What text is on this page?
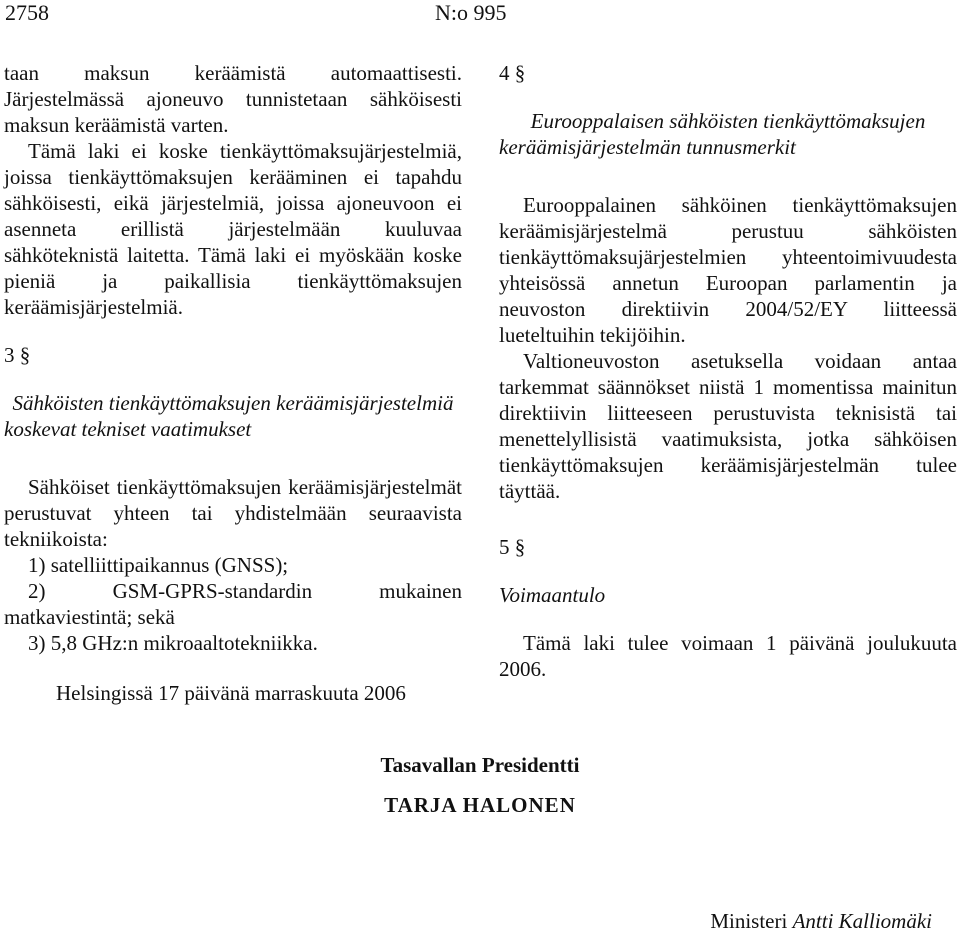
2758	N:o 995

taan maksun keräämistä automaattisesti. Järjestelmässä ajoneuvo tunnistetaan sähköisesti maksun keräämistä varten.

Tämä laki ei koske tienkäyttömaksujärjestelmiä, joissa tienkäyttömaksujen kerääminen ei tapahdu sähköisesti, eikä järjestelmiä, joissa ajoneuvoon ei asenneta erillistä järjestelmään kuuluvaa sähköteknistä laitetta. Tämä laki ei myöskään koske pieniä ja paikallisia tienkäyttömaksujen keräämisjärjestelmiä.

3 §

Sähköisten tienkäyttömaksujen keräämisjärjestelmiä koskevat tekniset vaatimukset

Sähköiset tienkäyttömaksujen keräämisjärjestelmät perustuvat yhteen tai yhdistelmään seuraavista tekniikoista:

1) satelliittipaikannus (GNSS);

2) GSM-GPRS-standardin mukainen matkaviestintä; sekä

3) 5,8 GHz:n mikroaaltotekniikka.

4 §

Eurooppalaisen sähköisten tienkäyttömaksujen keräämisjärjestelmän tunnusmerkit

Eurooppalainen sähköinen tienkäyttömaksujen keräämisjärjestelmä perustuu sähköisten tienkäyttömaksujärjestelmien yhteentoimivuudesta yhteisössä annetun Euroopan parlamentin ja neuvoston direktiivin 2004/52/EY liitteessä lueteltuihin tekijöihin.

Valtioneuvoston asetuksella voidaan antaa tarkemmat säännökset niistä 1 momentissa mainitun direktiivin liitteeseen perustuvista teknisistä tai menettelyllisistä vaatimuksista, jotka sähköisen tienkäyttömaksujen keräämisjärjestelmän tulee täyttää.

5 §

Voimaantulo

Tämä laki tulee voimaan 1 päivänä joulukuuta 2006.

Helsingissä 17 päivänä marraskuuta 2006
Tasavallan Presidentti
TARJA HALONEN
Ministeri Antti Kalliomäki
